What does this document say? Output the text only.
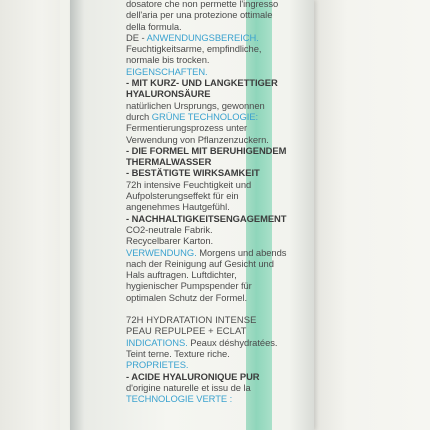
dosatore che non permette l'ingresso
dell'aria per una protezione ottimale
della formula.
DE - ANWENDUNGSBEREICH.
Feuchtigkeitsarme, empfindliche,
normale bis trocken.
EIGENSCHAFTEN.
- MIT KURZ- UND LANGKETTIGER
HYALURONSÄURE
natürlichen Ursprungs, gewonnen
durch GRÜNE TECHNOLOGIE:
Fermentierungsprozess unter
Verwendung von Pflanzenzuckern.
- DIE FORMEL MIT BERUHIGENDEM
THERMALWASSER
- BESTÄTIGTE WIRKSAMKEIT
72h intensive Feuchtigkeit und
Aufpolsterungseffekt für ein
angenehmes Hautgefühl.
- NACHHALTIGKEITSENGAGEMENT
CO2-neutrale Fabrik.
Recycelbarer Karton.
VERWENDUNG. Morgens und abends
nach der Reinigung auf Gesicht und
Hals auftragen. Luftdichter,
hygienischer Pumpspender für
optimalen Schutz der Formel.
72H HYDRATATION INTENSE
PEAU REPULPEE + ECLAT
INDICATIONS. Peaux déshydratées.
Teint terne. Texture riche.
PROPRIETES.
- ACIDE HYALURONIQUE PUR
d'origine naturelle et issu de la
TECHNOLOGIE VERTE :
